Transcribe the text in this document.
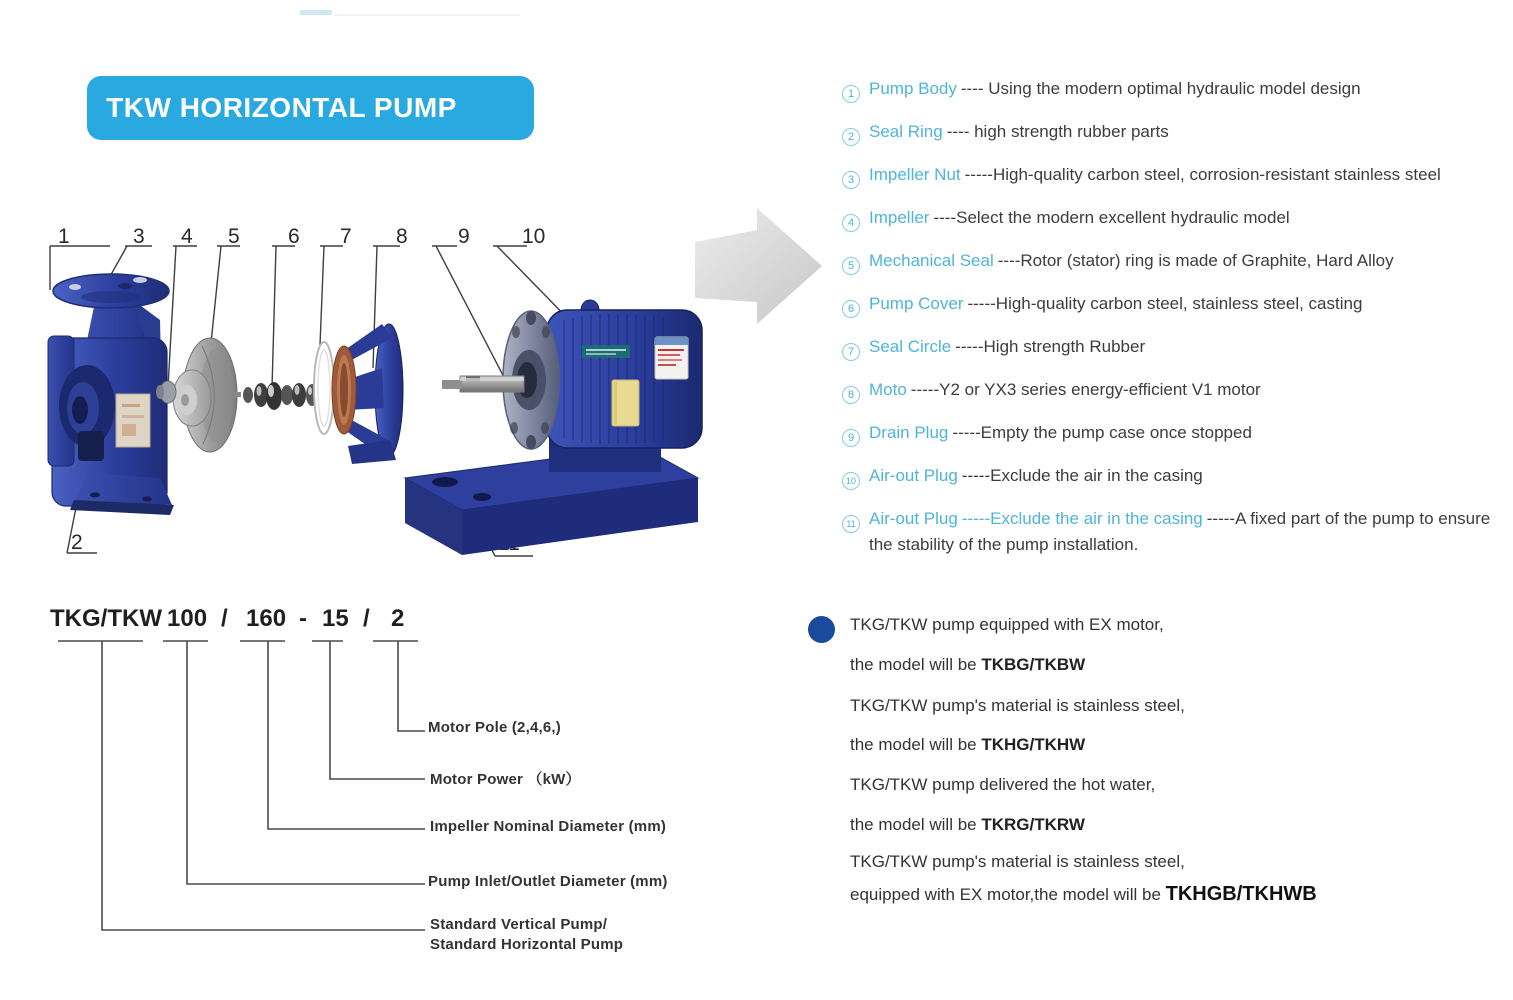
TKW HORIZONTAL PUMP
1	3 4 5 6 7 8 9 10
2
1 Pump Body ---- Using the modern optimal hydraulic model design
2 Seal Ring ---- high strength rubber parts
3 Impeller Nut -----High-quality carbon steel, corrosion-resistant stainless steel
4 Impeller ----Select the modern excellent hydraulic model
5 Mechanical Seal ----Rotor (stator) ring is made of Graphite, Hard Alloy
6 Pump Cover -----High-quality carbon steel, stainless steel, casting
7 Seal Circle -----High strength Rubber
8 Moto -----Y2 or YX3 series energy-efficient V1 motor
9 Drain Plug -----Empty the pump case once stopped
10 Air-out Plug -----Exclude the air in the casing
11 Air-out Plug -----Exclude the air in the casing -----A fixed part of the pump to ensure the stability of the pump installation.
TKG/TKW 100 / 160 - 15 / 2
Motor Pole (2,4,6,)
Motor Power （kW）
Impeller Nominal Diameter (mm)
Pump Inlet/Outlet Diameter (mm)
Standard Vertical Pump/
Standard Horizontal Pump
TKG/TKW pump equipped with EX motor,
the model will be TKBG/TKBW
TKG/TKW pump's material is stainless steel,
the model will be TKHG/TKHW
TKG/TKW pump delivered the hot water,
the model will be TKRG/TKRW
TKG/TKW pump's material is stainless steel,
equipped with EX motor,the model will be TKHGB/TKHWB
